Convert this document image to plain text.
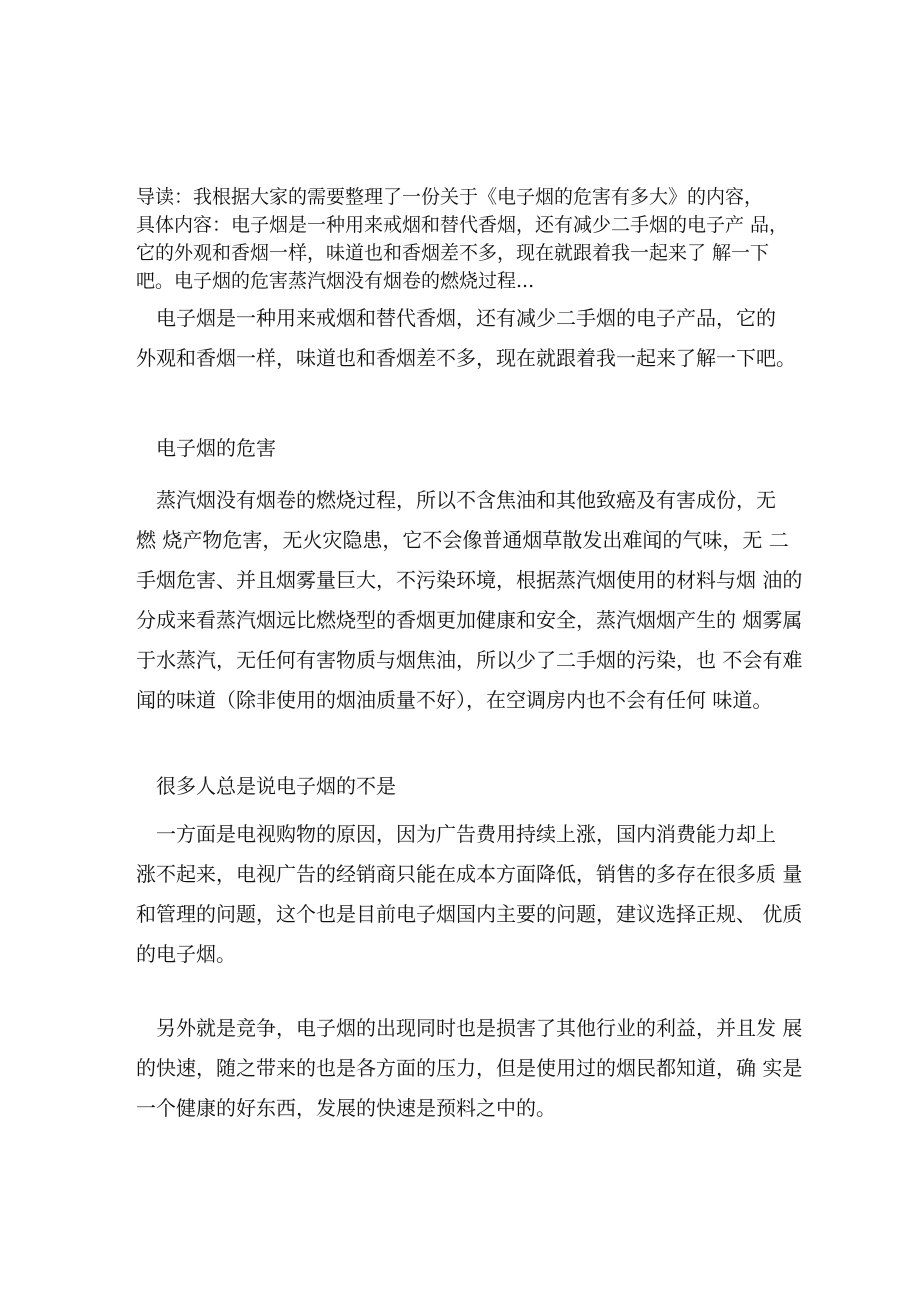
导读：我根据大家的需要整理了一份关于《电子烟的危害有多大》的内容，
具体内容：电子烟是一种用来戒烟和替代香烟，还有减少二手烟的电子产 品，
它的外观和香烟一样，味道也和香烟差不多，现在就跟着我一起来了 解一下
吧。电子烟的危害蒸汽烟没有烟卷的燃烧过程...
　电子烟是一种用来戒烟和替代香烟，还有减少二手烟的电子产品，它的
外观和香烟一样，味道也和香烟差不多，现在就跟着我一起来了解一下吧。
　电子烟的危害
　蒸汽烟没有烟卷的燃烧过程，所以不含焦油和其他致癌及有害成份，无
燃 烧产物危害，无火灾隐患，它不会像普通烟草散发出难闻的气味，无 二
手烟危害、并且烟雾量巨大，不污染环境，根据蒸汽烟使用的材料与烟 油的
分成来看蒸汽烟远比燃烧型的香烟更加健康和安全，蒸汽烟烟产生的 烟雾属
于水蒸汽，无任何有害物质与烟焦油，所以少了二手烟的污染，也 不会有难
闻的味道（除非使用的烟油质量不好），在空调房内也不会有任何 味道。
　很多人总是说电子烟的不是
　一方面是电视购物的原因，因为广告费用持续上涨，国内消费能力却上
涨不起来，电视广告的经销商只能在成本方面降低，销售的多存在很多质 量
和管理的问题，这个也是目前电子烟国内主要的问题，建议选择正规、 优质
的电子烟。
　另外就是竞争，电子烟的出现同时也是损害了其他行业的利益，并且发 展
的快速，随之带来的也是各方面的压力，但是使用过的烟民都知道，确 实是
一个健康的好东西，发展的快速是预料之中的。
